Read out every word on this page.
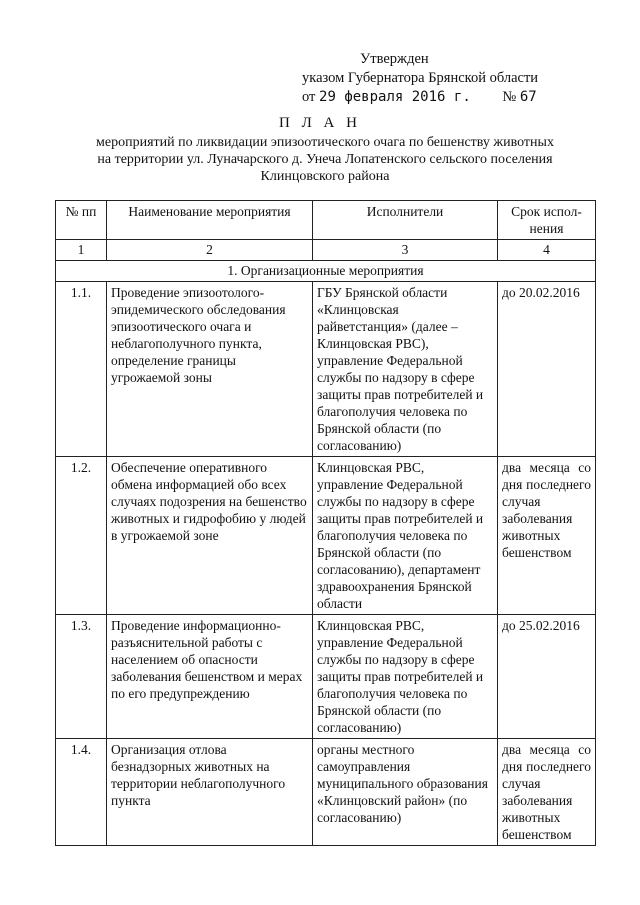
Утвержден
указом Губернатора Брянской области
от 29 февраля 2016 г. № 67
П Л А Н
мероприятий по ликвидации эпизоотического очага по бешенству животных
на территории ул. Луначарского д. Унеча Лопатенского сельского поселения
Клинцовского района
№ пп	Наименование мероприятия	Исполнители	Срок испол-нения
1	2	3	4
1. Организационные мероприятия			
1.1.	Проведение эпизоотолого-эпидемического обследования эпизоотического очага и неблагополучного пункта, определение границы угрожаемой зоны	ГБУ Брянской области «Клинцовская райветстанция» (далее – Клинцовская РВС), управление Федеральной службы по надзору в сфере защиты прав потребителей и благополучия человека по Брянской области (по согласованию)	до 20.02.2016
1.2.	Обеспечение оперативного обмена информацией обо всех случаях подозрения на бешенство животных и гидрофобию у людей в угрожаемой зоне	Клинцовская РВС, управление Федеральной службы по надзору в сфере защиты прав потребителей и благополучия человека по Брянской области (по согласованию), департамент здравоохранения Брянской области	два месяца со дня последнего случая заболевания животных бешенством
1.3.	Проведение информационно-разъяснительной работы с населением об опасности заболевания бешенством и мерах по его предупреждению	Клинцовская РВС, управление Федеральной службы по надзору в сфере защиты прав потребителей и благополучия человека по Брянской области (по согласованию)	до 25.02.2016
1.4.	Организация отлова безнадзорных животных на территории неблагополучного пункта	органы местного самоуправления муниципального образования «Клинцовский район» (по согласованию)	два месяца со дня последнего случая заболевания животных бешенством
